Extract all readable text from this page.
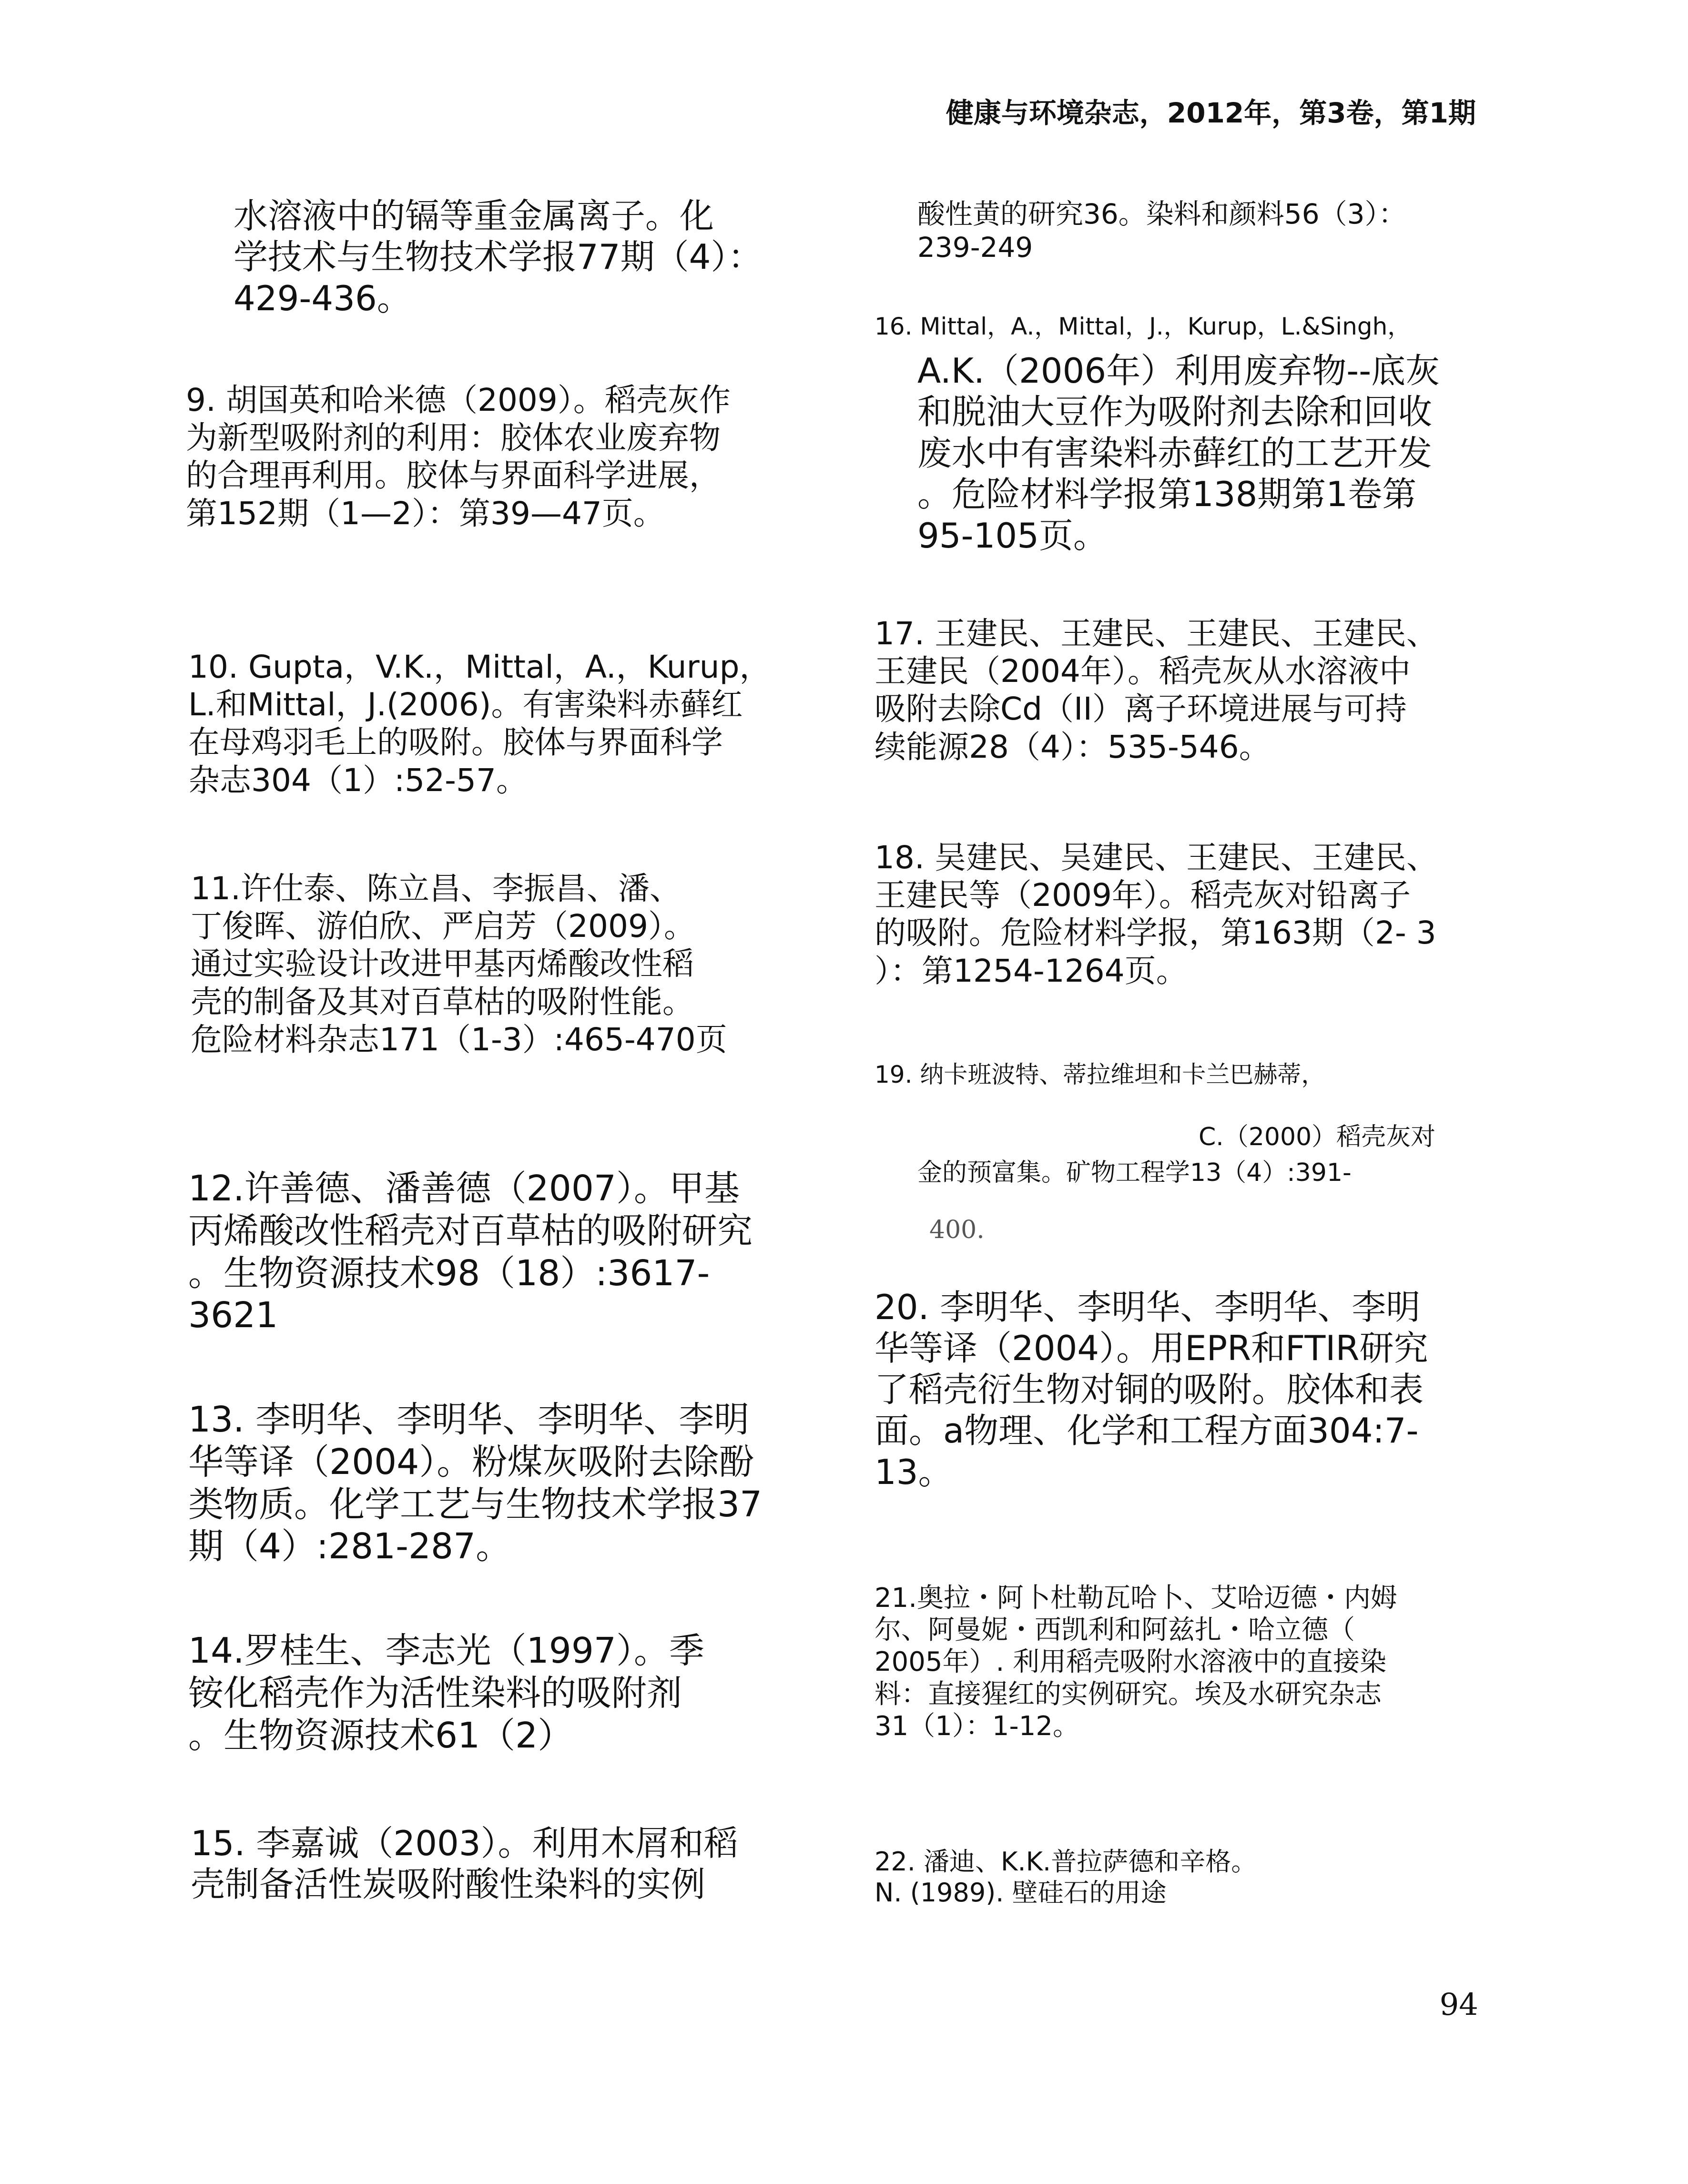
健康与环境杂志，2012年，第3卷，第1期
水溶液中的镉等重金属离子。化
学技术与生物技术学报77期（4）：
429-436。
9. 胡国英和哈米德（2009）。稻壳灰作
为新型吸附剂的利用：胶体农业废弃物
的合理再利用。胶体与界面科学进展，
第152期（1—2）：第39—47页。
10. Gupta，V.K.，Mittal，A.，Kurup，
L.和Mittal，J.(2006)。有害染料赤藓红
在母鸡羽毛上的吸附。胶体与界面科学
杂志304（1）:52-57。
11.许仕泰、陈立昌、李振昌、潘、
丁俊晖、游伯欣、严启芳（2009）。
通过实验设计改进甲基丙烯酸改性稻
壳的制备及其对百草枯的吸附性能。
危险材料杂志171（1-3）:465-470页
12.许善德、潘善德（2007）。甲基
丙烯酸改性稻壳对百草枯的吸附研究
。生物资源技术98（18）:3617-
3621
13. 李明华、李明华、李明华、李明
华等译（2004）。粉煤灰吸附去除酚
类物质。化学工艺与生物技术学报37
期（4）:281-287。
14.罗桂生、李志光（1997）。季
铵化稻壳作为活性染料的吸附剂
。生物资源技术61（2）
15. 李嘉诚（2003）。利用木屑和稻
壳制备活性炭吸附酸性染料的实例
酸性黄的研究36。染料和颜料56（3）：
239-249
16. Mittal，A.，Mittal，J.，Kurup，L.&Singh，
A.K.（2006年）利用废弃物--底灰
和脱油大豆作为吸附剂去除和回收
废水中有害染料赤藓红的工艺开发
。危险材料学报第138期第1卷第
95-105页。
17. 王建民、王建民、王建民、王建民、
王建民（2004年）。稻壳灰从水溶液中
吸附去除Cd（II）离子环境进展与可持
续能源28（4）：535-546。
18. 吴建民、吴建民、王建民、王建民、
王建民等（2009年）。稻壳灰对铅离子
的吸附。危险材料学报，第163期（2- 3
）：第1254-1264页。
19. 纳卡班波特、蒂拉维坦和卡兰巴赫蒂，
C.（2000）稻壳灰对
金的预富集。矿物工程学13（4）:391-
400.
20. 李明华、李明华、李明华、李明
华等译（2004）。用EPR和FTIR研究
了稻壳衍生物对铜的吸附。胶体和表
面。a物理、化学和工程方面304:7-
13。
21.奥拉・阿卜杜勒瓦哈卜、艾哈迈德・内姆
尔、阿曼妮・西凯利和阿兹扎・哈立德（
2005年）. 利用稻壳吸附水溶液中的直接染
料：直接猩红的实例研究。埃及水研究杂志
31（1）：1-12。
22. 潘迪、K.K.普拉萨德和辛格。
N. (1989). 壁硅石的用途
94
